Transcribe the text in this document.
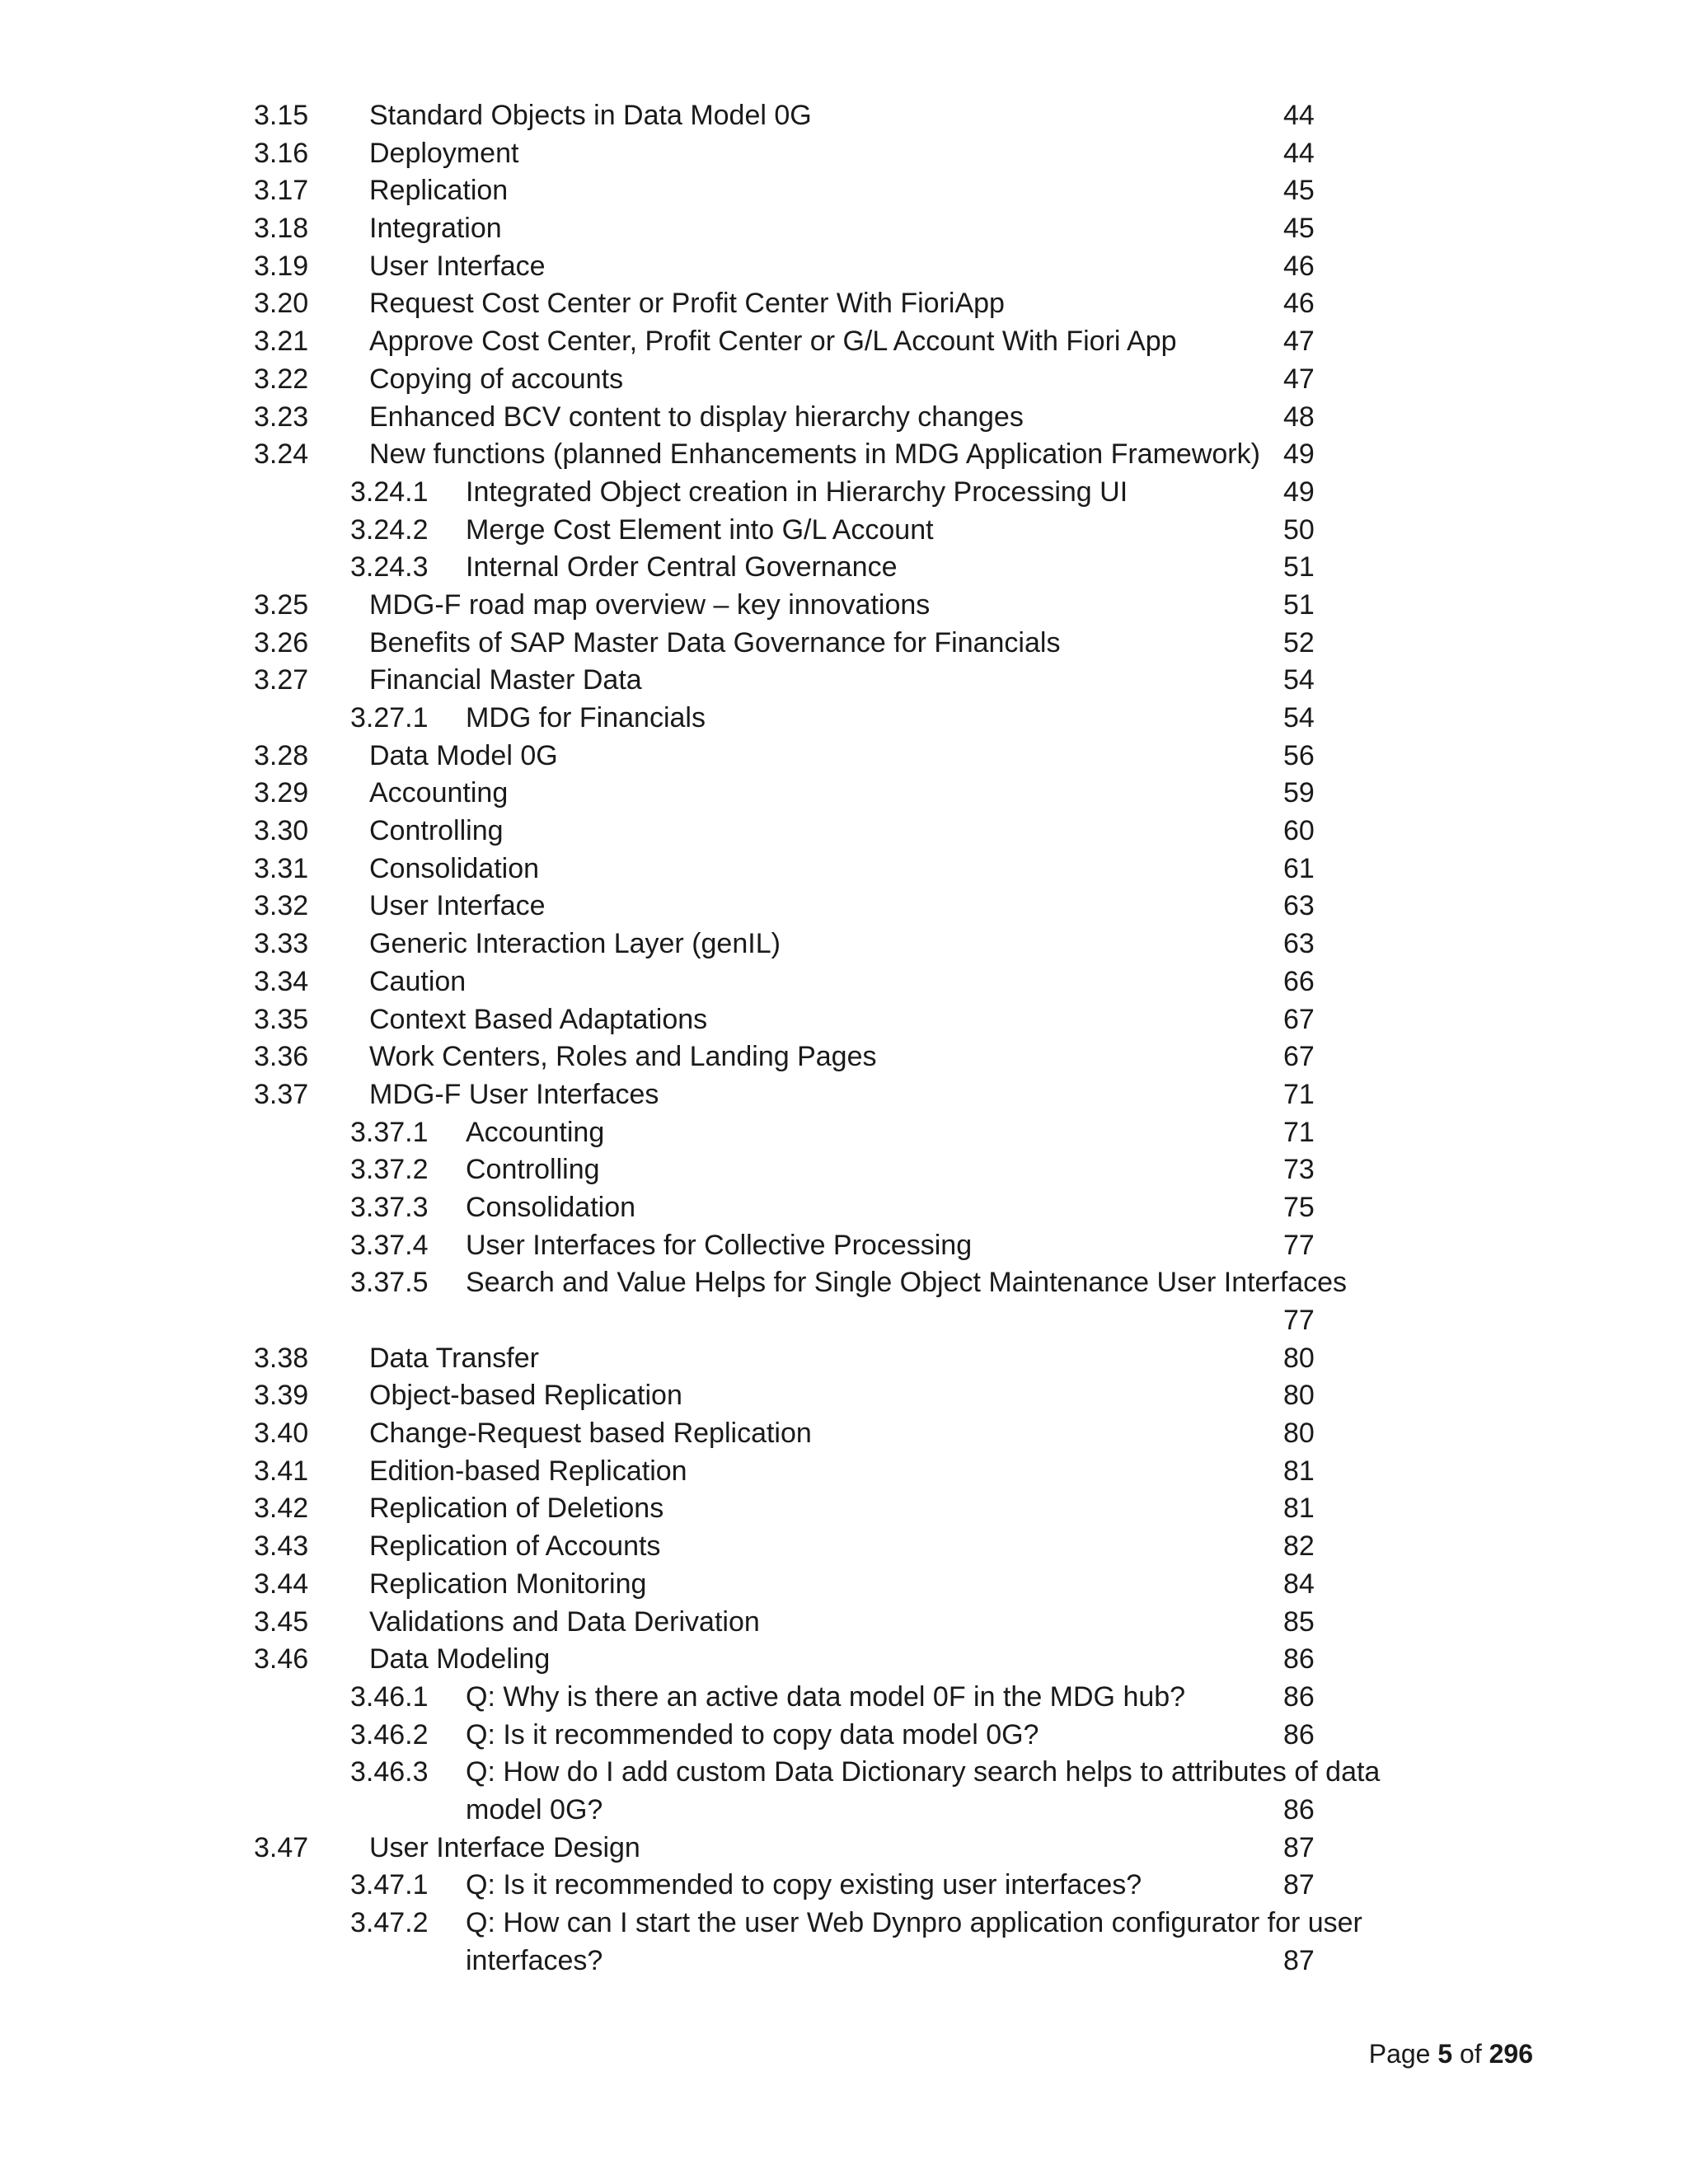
3.15 Standard Objects in Data Model 0G	44
3.16 Deployment	44
3.17 Replication	45
3.18 Integration	45
3.19 User Interface	46
3.20 Request Cost Center or Profit Center With FioriApp	46
3.21 Approve Cost Center, Profit Center or G/L Account With Fiori App	47
3.22 Copying of accounts	47
3.23 Enhanced BCV content to display hierarchy changes	48
3.24 New functions (planned Enhancements in MDG Application Framework) 49
3.24.1 Integrated Object creation in Hierarchy Processing UI	49
3.24.2 Merge Cost Element into G/L Account	50
3.24.3 Internal Order Central Governance	51
3.25 MDG-F road map overview – key innovations	51
3.26 Benefits of SAP Master Data Governance for Financials	52
3.27 Financial Master Data	54
3.27.1 MDG for Financials	54
3.28 Data Model 0G	56
3.29 Accounting	59
3.30 Controlling	60
3.31 Consolidation	61
3.32 User Interface	63
3.33 Generic Interaction Layer (genIL)	63
3.34 Caution	66
3.35 Context Based Adaptations	67
3.36 Work Centers, Roles and Landing Pages	67
3.37 MDG-F User Interfaces	71
3.37.1 Accounting	71
3.37.2 Controlling	73
3.37.3 Consolidation	75
3.37.4 User Interfaces for Collective Processing	77
3.37.5 Search and Value Helps for Single Object Maintenance User Interfaces
77
3.38 Data Transfer	80
3.39 Object-based Replication	80
3.40 Change-Request based Replication	80
3.41 Edition-based Replication	81
3.42 Replication of Deletions	81
3.43 Replication of Accounts	82
3.44 Replication Monitoring	84
3.45 Validations and Data Derivation	85
3.46 Data Modeling	86
3.46.1 Q: Why is there an active data model 0F in the MDG hub?	86
3.46.2 Q: Is it recommended to copy data model 0G?	86
3.46.3 Q: How do I add custom Data Dictionary search helps to attributes of data
model 0G?	86
3.47 User Interface Design	87
3.47.1 Q: Is it recommended to copy existing user interfaces?	87
3.47.2 Q: How can I start the user Web Dynpro application configurator for user
interfaces?	87
Page 5 of 296
